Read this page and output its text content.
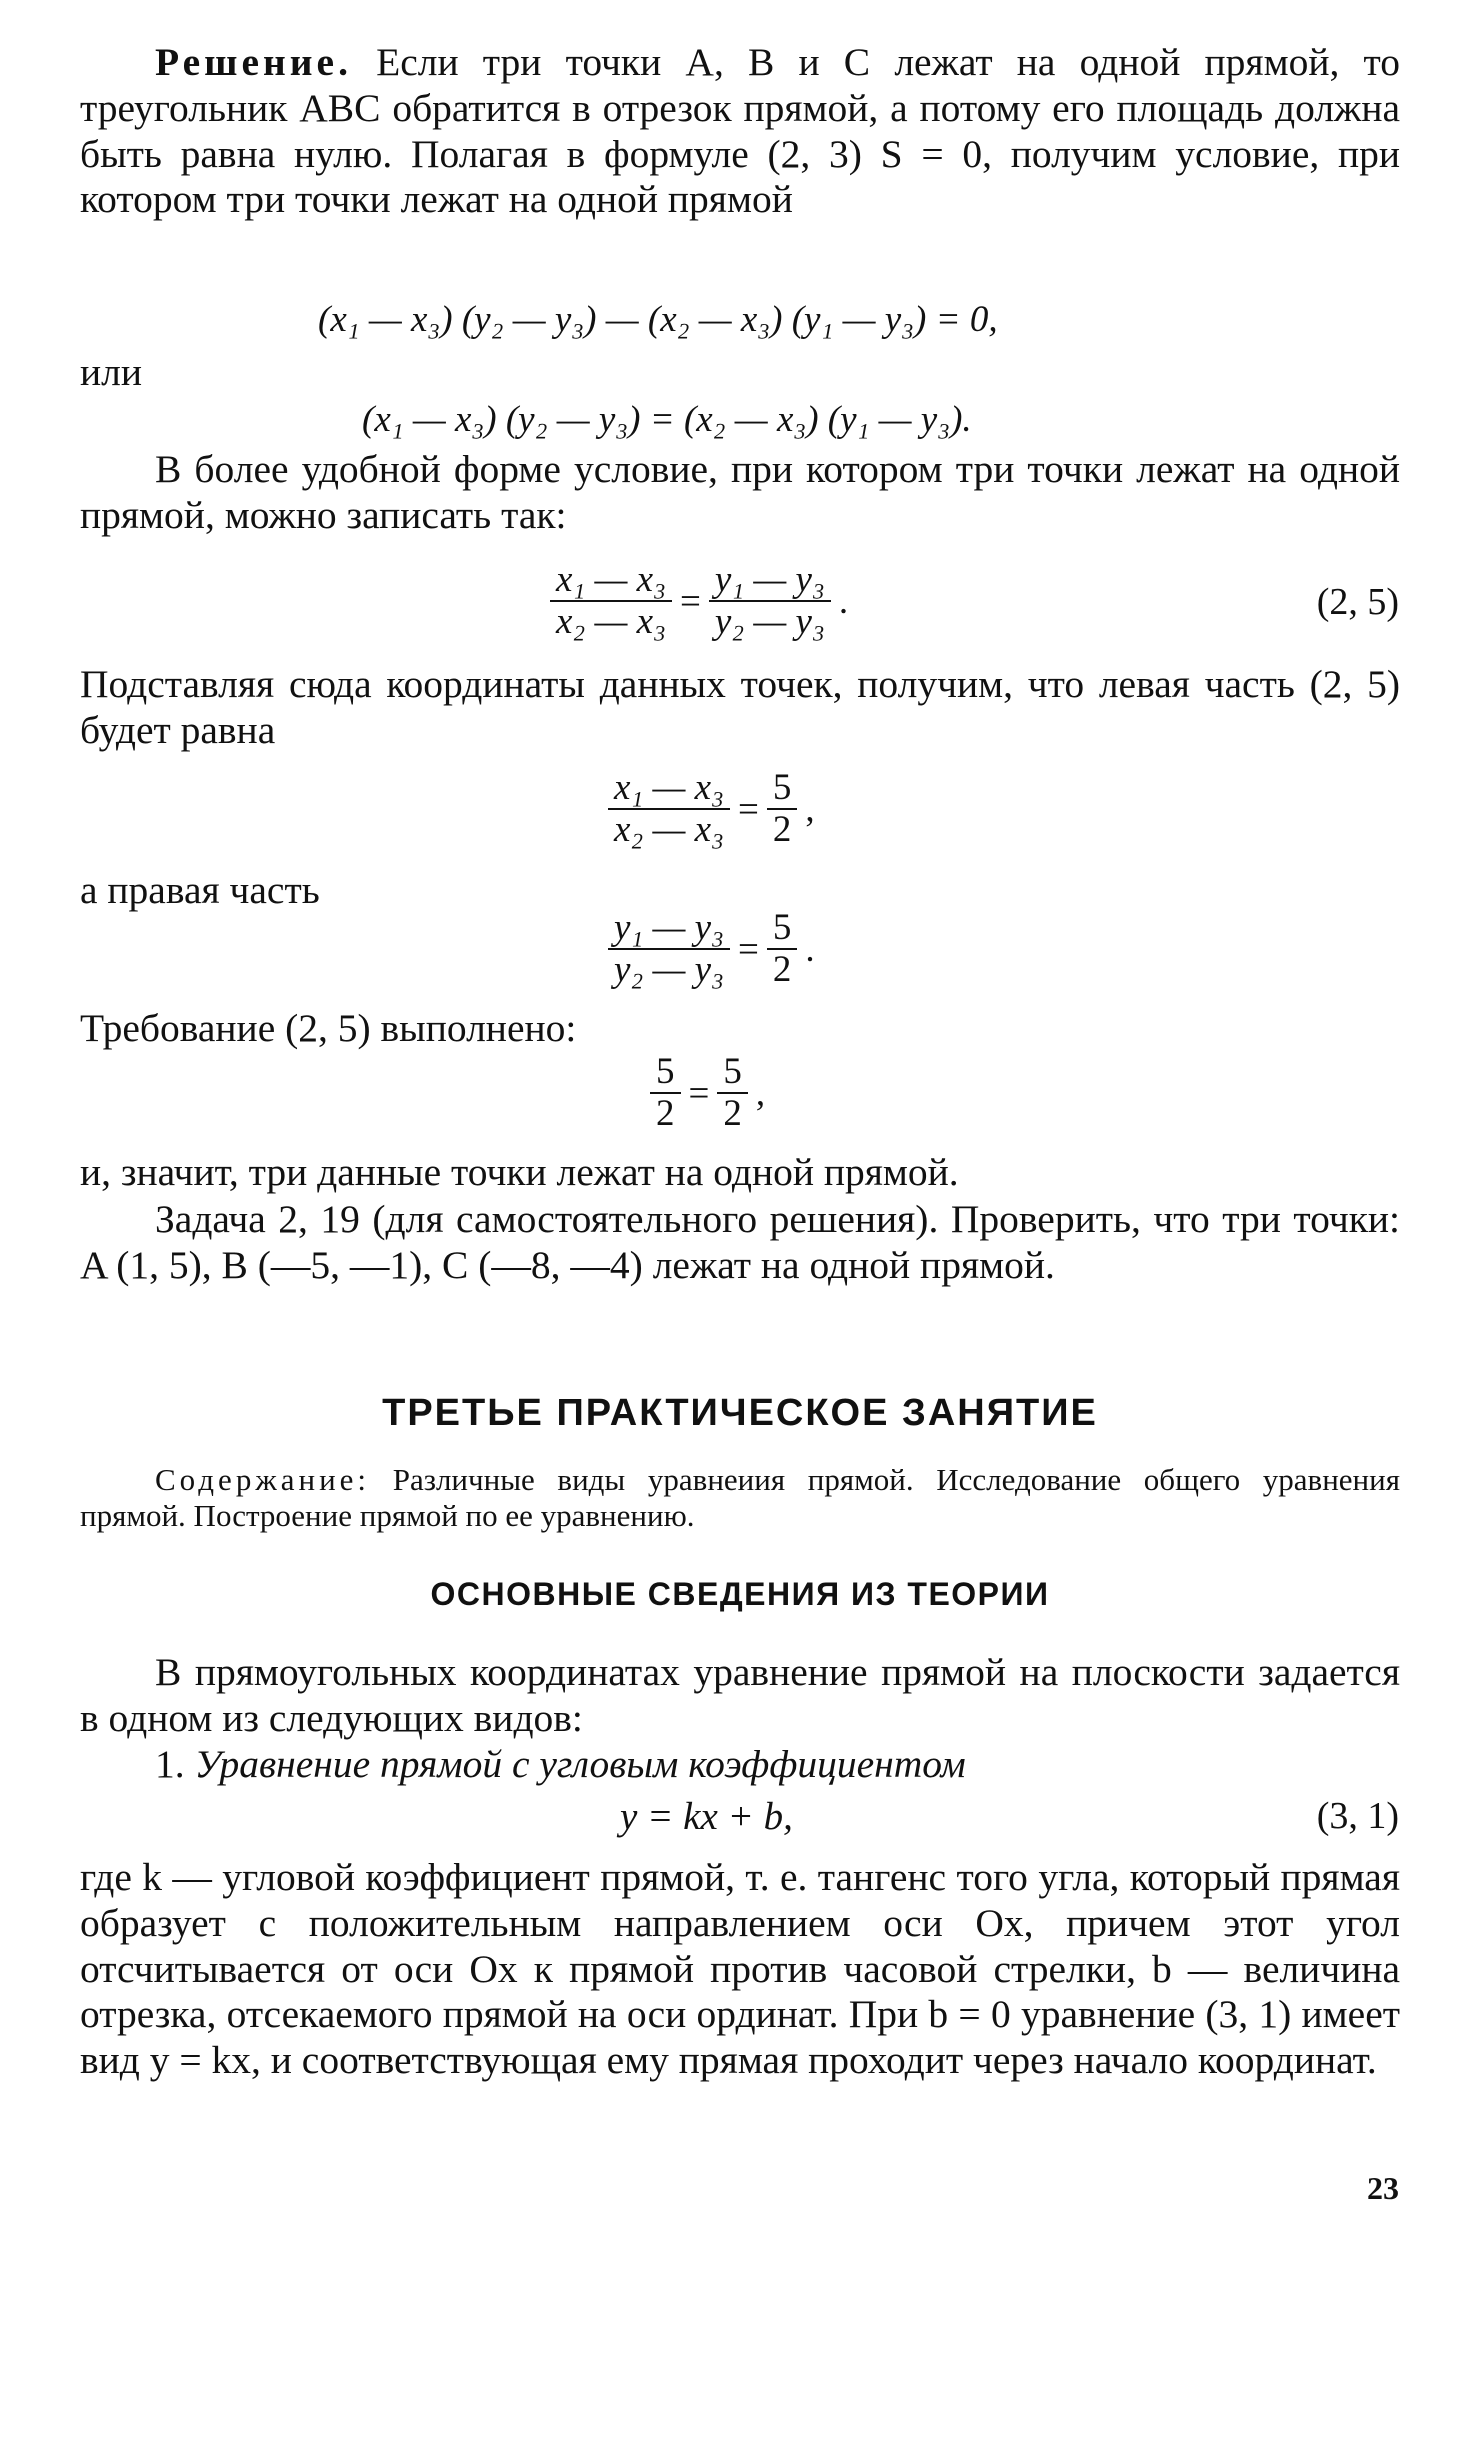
Решение. Если три точки A, B и C лежат на одной прямой, то треугольник ABC обратится в отрезок прямой, а потому его площадь должна быть равна нулю. Полагая в формуле (2, 3) S = 0, получим условие, при котором три точки лежат на одной прямой

(x₁ — x₃) (y₂ — y₃) — (x₂ — x₃) (y₁ — y₃) = 0,

или

(x₁ — x₃) (y₂ — y₃) = (x₂ — x₃) (y₁ — y₃).

В более удобной форме условие, при котором три точки лежат на одной прямой, можно записать так:

$\frac{\text{x₁ — x₃}}{\text{x₂ — x₃}} = \frac{\text{y₁ — y₃}}{\text{y₂ — y₃}}$ .	(2, 5)

Подставляя сюда координаты данных точек, получим, что левая часть (2, 5) будет равна

$\frac{\text{x₁ — x₃}}{\text{x₂ — x₃}} = \frac{5}{2}$ ,

а правая часть

$\frac{\text{y₁ — y₃}}{\text{y₂ — y₃}} = \frac{5}{2}$ .

Требование (2, 5) выполнено:

$\frac{5}{2} = \frac{5}{2}$ ,

и, значит, три данные точки лежат на одной прямой.

Задача 2, 19 (для самостоятельного решения). Проверить, что три точки: A (1, 5), B (—5, —1), C (—8, —4) лежат на одной прямой.

ТРЕТЬЕ ПРАКТИЧЕСКОЕ ЗАНЯТИЕ

Содержание: Различные виды уравнеиия прямой. Исследование общего уравнения прямой. Построение прямой по ее уравнению.

ОСНОВНЫЕ СВЕДЕНИЯ ИЗ ТЕОРИИ

В прямоугольных координатах уравнение прямой на плоскости задается в одном из следующих видов:

1. Уравнение прямой с угловым коэффициентом

y = kx + b,	(3, 1)

где k — угловой коэффициент прямой, т. е. тангенс того угла, который прямая образует с положительным направлением оси Ox, причем этот угол отсчитывается от оси Ox к прямой против часовой стрелки, b — величина отрезка, отсекаемого прямой на оси ординат. При b = 0 уравнение (3, 1) имеет вид y = kx, и соответствующая ему прямая проходит через начало координат.

23
